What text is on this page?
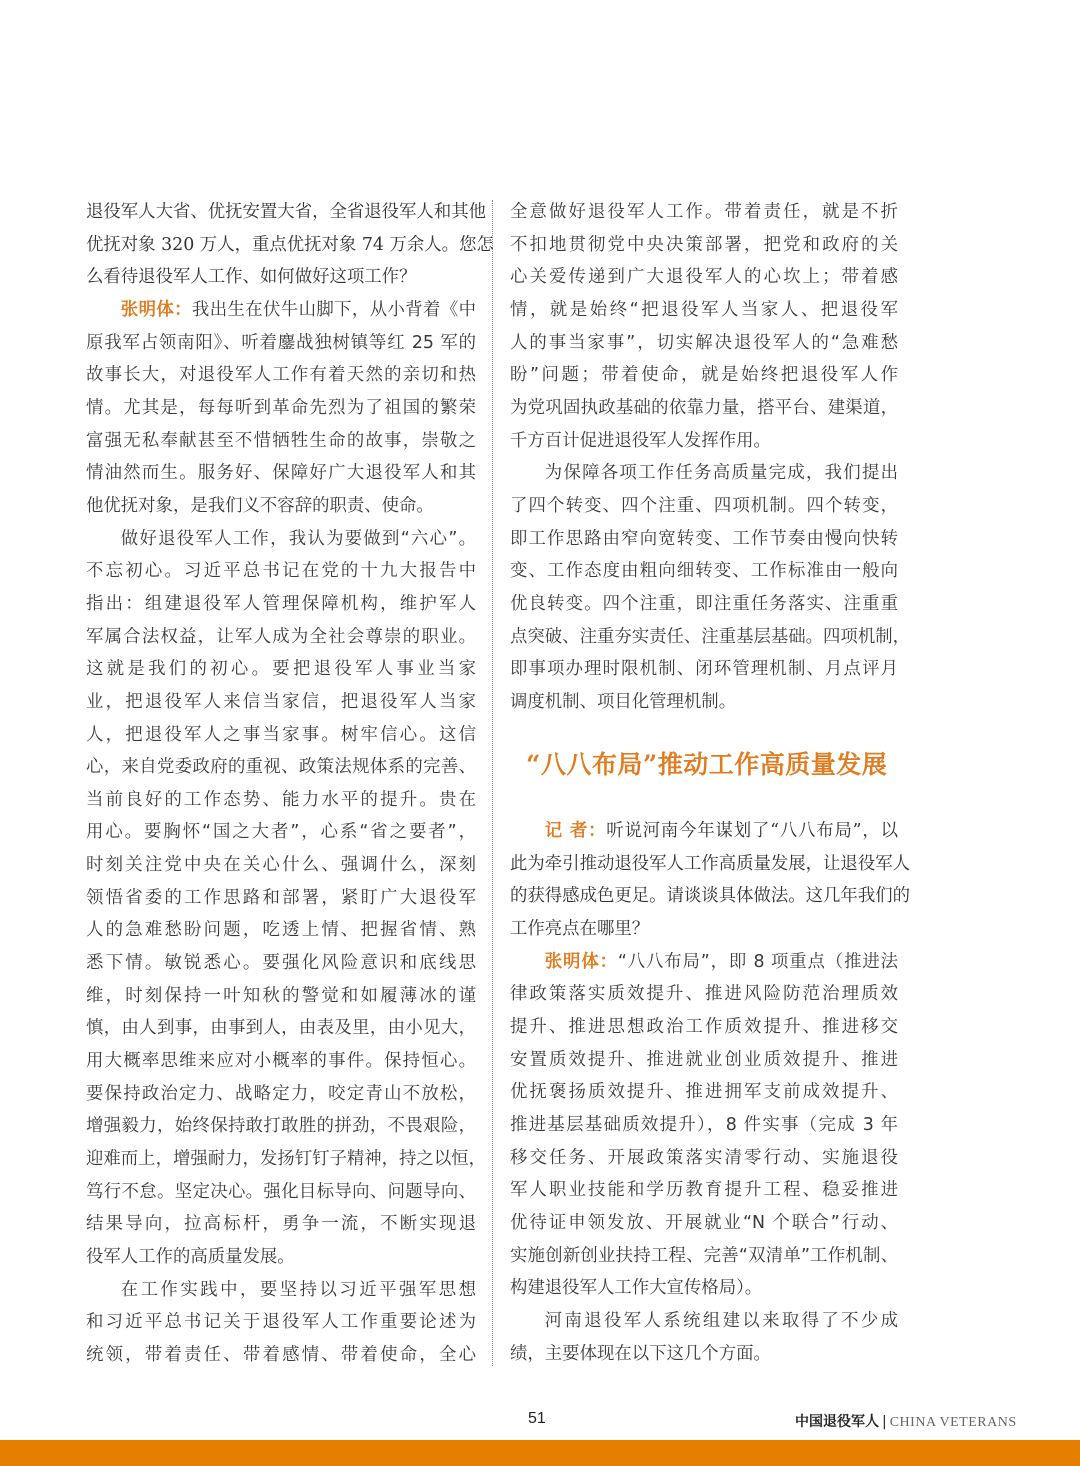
退役军人大省、优抚安置大省，全省退役军人和其他
优抚对象 320 万人，重点优抚对象 74 万余人。您怎
么看待退役军人工作、如何做好这项工作？
张明体：我出生在伏牛山脚下，从小背着《中
原我军占领南阳》、听着鏖战独树镇等红 25 军的
故事长大，对退役军人工作有着天然的亲切和热
情。尤其是，每每听到革命先烈为了祖国的繁荣
富强无私奉献甚至不惜牺牲生命的故事，崇敬之
情油然而生。服务好、保障好广大退役军人和其
他优抚对象，是我们义不容辞的职责、使命。
做好退役军人工作，我认为要做到“六心”。
不忘初心。习近平总书记在党的十九大报告中
指出：组建退役军人管理保障机构，维护军人
军属合法权益，让军人成为全社会尊崇的职业。
这就是我们的初心。要把退役军人事业当家
业，把退役军人来信当家信，把退役军人当家
人，把退役军人之事当家事。树牢信心。这信
心，来自党委政府的重视、政策法规体系的完善、
当前良好的工作态势、能力水平的提升。贵在
用心。要胸怀“国之大者”，心系“省之要者”，
时刻关注党中央在关心什么、强调什么，深刻
领悟省委的工作思路和部署，紧盯广大退役军
人的急难愁盼问题，吃透上情、把握省情、熟
悉下情。敏锐悉心。要强化风险意识和底线思
维，时刻保持一叶知秋的警觉和如履薄冰的谨
慎，由人到事，由事到人，由表及里，由小见大，
用大概率思维来应对小概率的事件。保持恒心。
要保持政治定力、战略定力，咬定青山不放松，
增强毅力，始终保持敢打敢胜的拼劲，不畏艰险，
迎难而上，增强耐力，发扬钉钉子精神，持之以恒，
笃行不怠。坚定决心。强化目标导向、问题导向、
结果导向，拉高标杆，勇争一流，不断实现退
役军人工作的高质量发展。
在工作实践中，要坚持以习近平强军思想
和习近平总书记关于退役军人工作重要论述为
统领，带着责任、带着感情、带着使命，全心
全意做好退役军人工作。带着责任，就是不折
不扣地贯彻党中央决策部署，把党和政府的关
心关爱传递到广大退役军人的心坎上；带着感
情，就是始终“把退役军人当家人、把退役军
人的事当家事”，切实解决退役军人的“急难愁
盼”问题；带着使命，就是始终把退役军人作
为党巩固执政基础的依靠力量，搭平台、建渠道，
千方百计促进退役军人发挥作用。
为保障各项工作任务高质量完成，我们提出
了四个转变、四个注重、四项机制。四个转变，
即工作思路由窄向宽转变、工作节奏由慢向快转
变、工作态度由粗向细转变、工作标准由一般向
优良转变。四个注重，即注重任务落实、注重重
点突破、注重夯实责任、注重基层基础。四项机制，
即事项办理时限机制、闭环管理机制、月点评月
调度机制、项目化管理机制。
“八八布局”推动工作高质量发展
记 者：听说河南今年谋划了“八八布局”，以
此为牵引推动退役军人工作高质量发展，让退役军人
的获得感成色更足。请谈谈具体做法。这几年我们的
工作亮点在哪里？
张明体：“八八布局”，即 8 项重点（推进法
律政策落实质效提升、推进风险防范治理质效
提升、推进思想政治工作质效提升、推进移交
安置质效提升、推进就业创业质效提升、推进
优抚褒扬质效提升、推进拥军支前成效提升、
推进基层基础质效提升），8 件实事（完成 3 年
移交任务、开展政策落实清零行动、实施退役
军人职业技能和学历教育提升工程、稳妥推进
优待证申领发放、开展就业“N 个联合”行动、
实施创新创业扶持工程、完善“双清单”工作机制、
构建退役军人工作大宣传格局）。
河南退役军人系统组建以来取得了不少成
绩，主要体现在以下这几个方面。
51	中国退役军人 | CHINA VETERANS
